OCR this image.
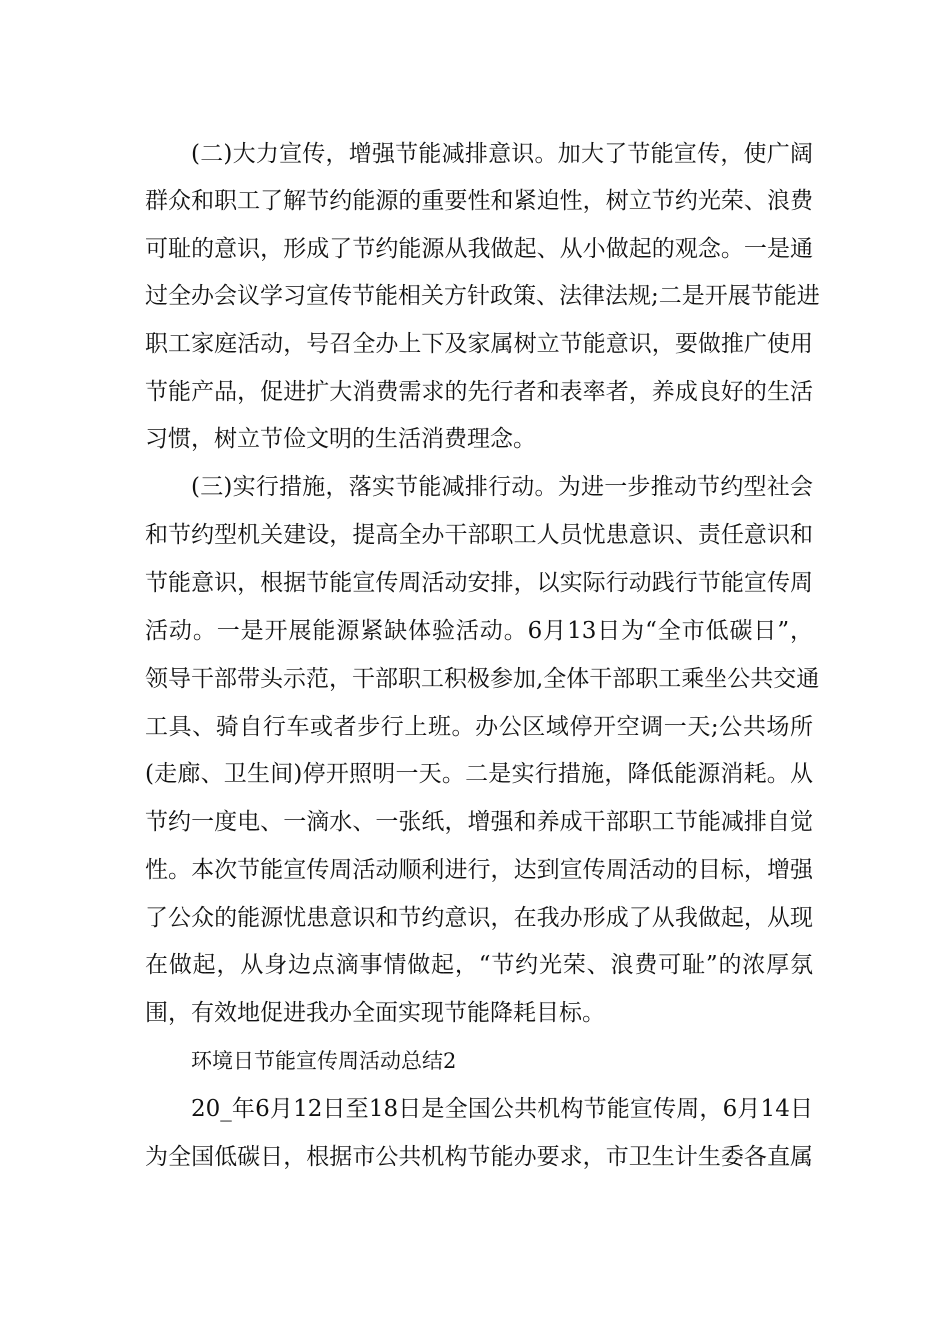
(二)大力宣传，增强节能减排意识。加大了节能宣传，使广阔
群众和职工了解节约能源的重要性和紧迫性，树立节约光荣、浪费
可耻的意识，形成了节约能源从我做起、从小做起的观念。一是通
过全办会议学习宣传节能相关方针政策、法律法规;二是开展节能进
职工家庭活动，号召全办上下及家属树立节能意识，要做推广使用
节能产品，促进扩大消费需求的先行者和表率者，养成良好的生活
习惯，树立节俭文明的生活消费理念。
(三)实行措施，落实节能减排行动。为进一步推动节约型社会
和节约型机关建设，提高全办干部职工人员忧患意识、责任意识和
节能意识，根据节能宣传周活动安排，以实际行动践行节能宣传周
活动。一是开展能源紧缺体验活动。6月13日为“全市低碳日”，
领导干部带头示范，干部职工积极参加,全体干部职工乘坐公共交通
工具、骑自行车或者步行上班。办公区域停开空调一天;公共场所
(走廊、卫生间)停开照明一天。二是实行措施，降低能源消耗。从
节约一度电、一滴水、一张纸，增强和养成干部职工节能减排自觉
性。本次节能宣传周活动顺利进行，达到宣传周活动的目标，增强
了公众的能源忧患意识和节约意识，在我办形成了从我做起，从现
在做起，从身边点滴事情做起，“节约光荣、浪费可耻”的浓厚氛
围，有效地促进我办全面实现节能降耗目标。
环境日节能宣传周活动总结2
20_年6月12日至18日是全国公共机构节能宣传周，6月14日
为全国低碳日，根据市公共机构节能办要求，市卫生计生委各直属
